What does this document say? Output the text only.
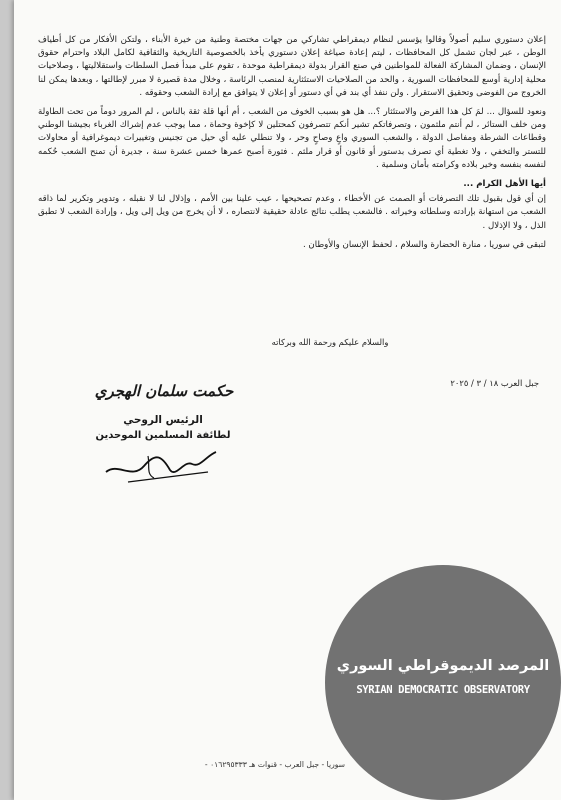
إعلان دستوري سليم أصولاً وقالوا يؤسس لنظام ديمقراطي تشاركي من جهات مختصة وطنية من خيرة الأبناء ، ولتكن الأفكار من كل أطياف الوطن ، عبر لجان تشمل كل المحافظات ، ليتم إعادة صياغة إعلان دستوري يأخذ بالخصوصية التاريخية والثقافية لكامل البلاد واحترام حقوق الإنسان ، وضمان المشاركة الفعالة للمواطنين في صنع القرار بدولة ديمقراطية موحدة ، تقوم على مبدأ فصل السلطات واستقلاليتها ، وصلاحيات محلية إدارية أوسع للمحافظات السورية ، والحد من الصلاحيات الاستئثارية لمنصب الرئاسة ، وخلال مدة قصيرة لا مبرر لإطالتها ، وبعدها يمكن لنا الخروج من الفوضى وتحقيق الاستقرار . ولن ننفذ أي بند في أي دستور أو إعلان لا يتوافق مع إرادة الشعب وحقوقه .

ونعود للسؤال ... لمَ كل هذا الفرض والاستئثار ؟... هل هو بسبب الخوف من الشعب ، أم أنها قلة ثقة بالناس ، لم المرور دوماً من تحت الطاولة ومن خلف الستائر ، لم أنتم ملثمون ، وتصرفاتكم تشير أنكم تتصرفون كمحتلين لا كإخوة وحماة ، مما يوجب عدم إشراك الغرباء بجيشنا الوطني وقطاعات الشرطة ومفاصل الدولة ، والشعب السوري واعٍ وصاحٍ وحر ، ولا تنطلي عليه أي حيل من تجنيس وتغييرات ديموغرافية أو محاولات للتستر والتخفي ، ولا تغطية أي تصرف بدستور أو قانون أو قرار ملثم . فثورة أصبح عمرها خمس عشرة سنة ، جديرة أن تمنح الشعب حُكمه لنفسه بنفسه وخير بلاده وكرامته بأمان وسلمية .

أيها الأهل الكرام ...

إن أي قول بقبول تلك التصرفات أو الصمت عن الأخطاء ، وعدم تصحيحها ، عيب علينا بين الأمم ، وإذلال لنا لا نقبله ، وتدوير وتكرير لما ذاقه الشعب من استهانة بإرادته وسلطاته وخيراته . فالشعب يطلب نتائج عادلة حقيقية لانتصاره ، لا أن يخرج من ويل إلى ويل ، وإرادة الشعب لا تطبق الذل ، ولا الإذلال .

لتبقى في سوريا ، منارة الحضارة والسلام ، لحفظ الإنسان والأوطان .

والسلام عليكم ورحمة الله وبركاته
جبل العرب ١٨ / ٣ / ٢٠٢٥
حكمت سلمان الهجري
الرئيس الروحي
لطائفة المسلمين الموحدين
سوريا - جبل العرب - قنوات هـ ٠١٦٢٩٥٣٣٣ -
المرصد الديموقراطي السوري
SYRIAN DEMOCRATIC OBSERVATORY
